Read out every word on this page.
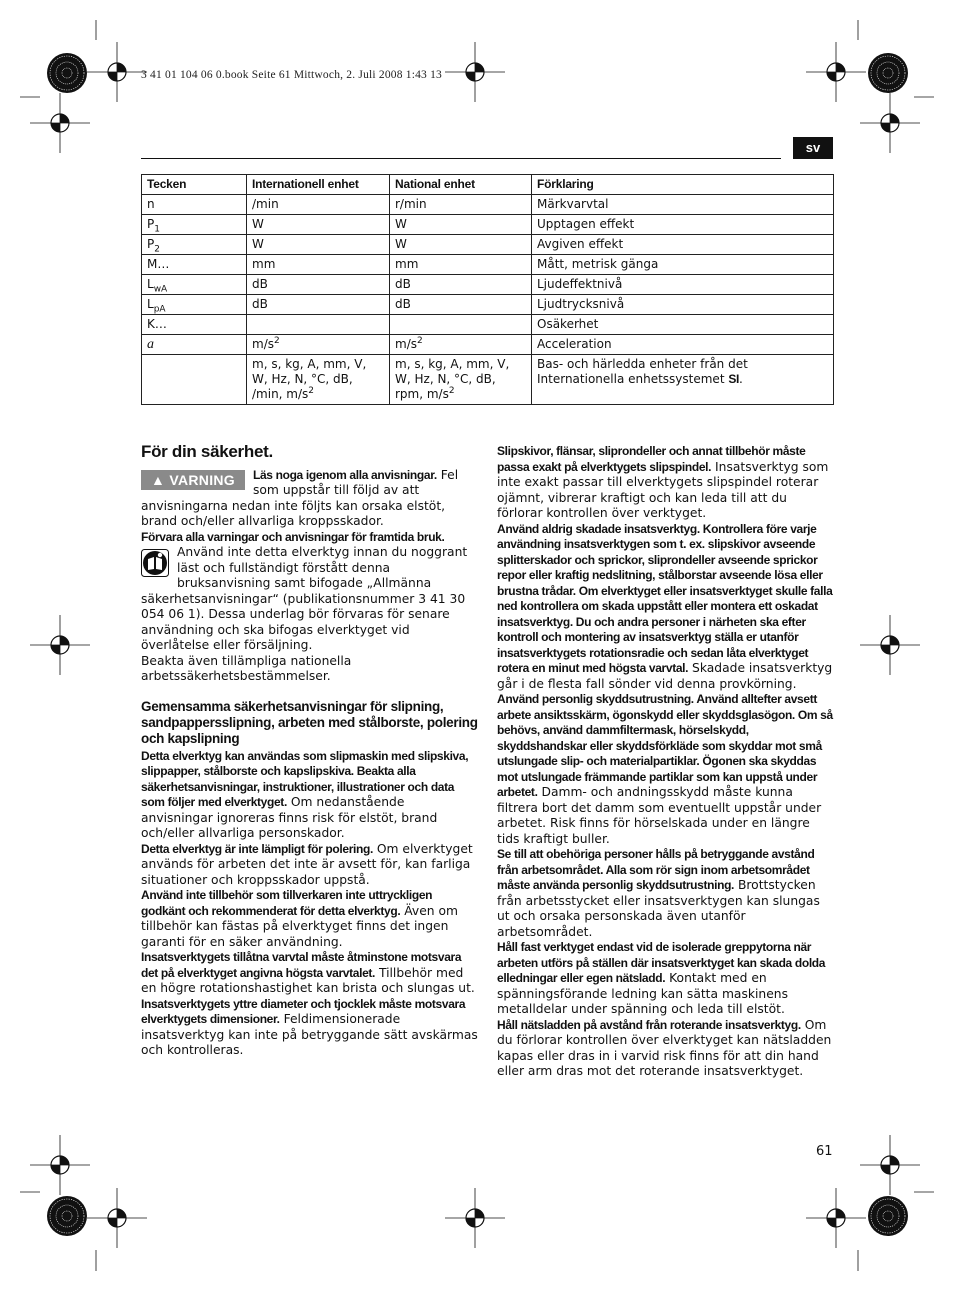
3 41 01 104 06 0.book Seite 61 Mittwoch, 2. Juli 2008 1:43 13
sv
Tecken	Internationell enhet	National enhet	Förklaring
n	/min	r/min	Märkvarvtal
$P_1$	W	W	Upptagen effekt
$P_2$	W	W	Avgiven effekt
M…	mm	mm	Mått, metrisk gänga
$L_{wA}$	dB	dB	Ljudeffektnivå
$L_{pA}$	dB	dB	Ljudtrycksnivå
K…			Osäkerhet
a	$m/s^2$	$m/s^2$	Acceleration
	m, s, kg, A, mm, V, W, Hz, N, °C, dB, /min, $m/s^2$	m, s, kg, A, mm, V, W, Hz, N, °C, dB, rpm, $m/s^2$	Bas- och härledda enheter från det Internationella enhetssystemet SI.
För din säkerhet.
▲ VARNING	Läs noga igenom alla anvisningar. Fel som uppstår till följd av att anvisningarna nedan inte följts kan orsaka elstöt, brand och/eller allvarliga kroppsskador.

Förvara alla varningar och anvisningar för framtida bruk.

Använd inte detta elverktyg innan du noggrant läst och fullständigt förstått denna bruksanvisning samt bifogade „Allmänna säkerhetsanvisningar“ (publikationsnummer 3 41 30 054 06 1). Dessa underlag bör förvaras för senare användning och ska bifogas elverktyget vid överlåtelse eller försäljning.

Beakta även tillämpliga nationella arbetssäkerhetsbestämmelser.

Gemensamma säkerhetsanvisningar för slipning, sandpappersslipning, arbeten med stålborste, polering och kapslipning

Detta elverktyg kan användas som slipmaskin med slipskiva, slippapper, stålborste och kapslipskiva. Beakta alla säkerhetsanvisningar, instruktioner, illustrationer och data som följer med elverktyget. Om nedanstående anvisningar ignoreras finns risk för elstöt, brand och/eller allvarliga personskador.

Detta elverktyg är inte lämpligt för polering. Om elverktyget används för arbeten det inte är avsett för, kan farliga situationer och kroppsskador uppstå.

Använd inte tillbehör som tillverkaren inte uttryckligen godkänt och rekommenderat för detta elverktyg. Även om tillbehör kan fästas på elverktyget finns det ingen garanti för en säker användning.

Insatsverktygets tillåtna varvtal måste åtminstone motsvara det på elverktyget angivna högsta varvtalet. Tillbehör med en högre rotationshastighet kan brista och slungas ut.

Insatsverktygets yttre diameter och tjocklek måste motsvara elverktygets dimensioner. Feldimensionerade insatsverktyg kan inte på betryggande sätt avskärmas och kontrolleras.

Slipskivor, flänsar, sliprondeller och annat tillbehör måste passa exakt på elverktygets slipspindel. Insatsverktyg som inte exakt passar till elverktygets slipspindel roterar ojämnt, vibrerar kraftigt och kan leda till att du förlorar kontrollen över verktyget.

Använd aldrig skadade insatsverktyg. Kontrollera före varje användning insatsverktygen som t. ex. slipskivor avseende splitterskador och sprickor, sliprondeller avseende sprickor repor eller kraftig nedslitning, stålborstar avseende lösa eller brustna trådar. Om elverktyget eller insatsverktyget skulle falla ned kontrollera om skada uppstått eller montera ett oskadat insatsverktyg. Du och andra personer i närheten ska efter kontroll och montering av insatsverktyg ställa er utanför insatsverktygets rotationsradie och sedan låta elverktyget rotera en minut med högsta varvtal. Skadade insatsverktyg går i de flesta fall sönder vid denna provkörning.

Använd personlig skyddsutrustning. Använd alltefter avsett arbete ansiktsskärm, ögonskydd eller skyddsglasögon. Om så behövs, använd dammfiltermask, hörselskydd, skyddshandskar eller skyddsförkläde som skyddar mot små utslungade slip- och materialpartiklar. Ögonen ska skyddas mot utslungade främmande partiklar som kan uppstå under arbetet. Damm- och andningsskydd måste kunna filtrera bort det damm som eventuellt uppstår under arbetet. Risk finns för hörselskada under en längre tids kraftigt buller.

Se till att obehöriga personer hålls på betryggande avstånd från arbetsområdet. Alla som rör sign inom arbetsområdet måste använda personlig skyddsutrustning. Brottstycken från arbetsstycket eller insatsverktygen kan slungas ut och orsaka personskada även utanför arbetsområdet.

Håll fast verktyget endast vid de isolerade greppytorna när arbeten utförs på ställen där insatsverktyget kan skada dolda elledningar eller egen nätsladd. Kontakt med en spänningsförande ledning kan sätta maskinens metalldelar under spänning och leda till elstöt.

Håll nätsladden på avstånd från roterande insatsverktyg. Om du förlorar kontrollen över elverktyget kan nätsladden kapas eller dras in i varvid risk finns för att din hand eller arm dras mot det roterande insatsverktyget.

61
